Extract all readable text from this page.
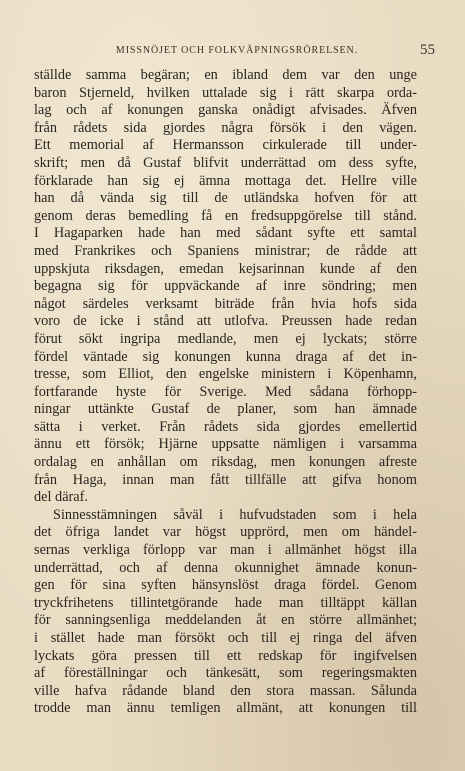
MISSNÖJET OCH FOLKVÄPNINGSRÖRELSEN.	55
ställde samma begäran; en ibland dem var den unge
baron Stjerneld, hvilken uttalade sig i rätt skarpa orda-
lag och af konungen ganska onådigt afvisades. Äfven
från rådets sida gjordes några försök i den vägen.
Ett memorial af Hermansson cirkulerade till under-
skrift; men då Gustaf blifvit underrättad om dess syfte,
förklarade han sig ej ämna mottaga det. Hellre ville
han då vända sig till de utländska hofven för att
genom deras bemedling få en fredsuppgörelse till stånd.
I Hagaparken hade han med sådant syfte ett samtal
med Frankrikes och Spaniens ministrar; de rådde att
uppskjuta riksdagen, emedan kejsarinnan kunde af den
begagna sig för uppväckande af inre söndring; men
något särdeles verksamt biträde från hvia hofs sida
voro de icke i stånd att utlofva. Preussen hade redan
förut sökt ingripa medlande, men ej lyckats; större
fördel väntade sig konungen kunna draga af det in-
tresse, som Elliot, den engelske ministern i Köpenhamn,
fortfarande hyste för Sverige. Med sådana förhopp-
ningar uttänkte Gustaf de planer, som han ämnade
sätta i verket. Från rådets sida gjordes emellertid
ännu ett försök; Hjärne uppsatte nämligen i varsamma
ordalag en anhållan om riksdag, men konungen afreste
från Haga, innan man fått tillfälle att gifva honom
del däraf.
Sinnesstämningen såväl i hufvudstaden som i hela
det öfriga landet var högst upprörd, men om händel-
sernas verkliga förlopp var man i allmänhet högst illa
underrättad, och af denna okunnighet ämnade konun-
gen för sina syften hänsynslöst draga fördel. Genom
tryckfrihetens tillintetgörande hade man tilltäppt källan
för sanningsenliga meddelanden åt en större allmänhet;
i stället hade man försökt och till ej ringa del äfven
lyckats göra pressen till ett redskap för ingifvelsen
af föreställningar och tänkesätt, som regeringsmakten
ville hafva rådande bland den stora massan. Sålunda
trodde man ännu temligen allmänt, att konungen till
